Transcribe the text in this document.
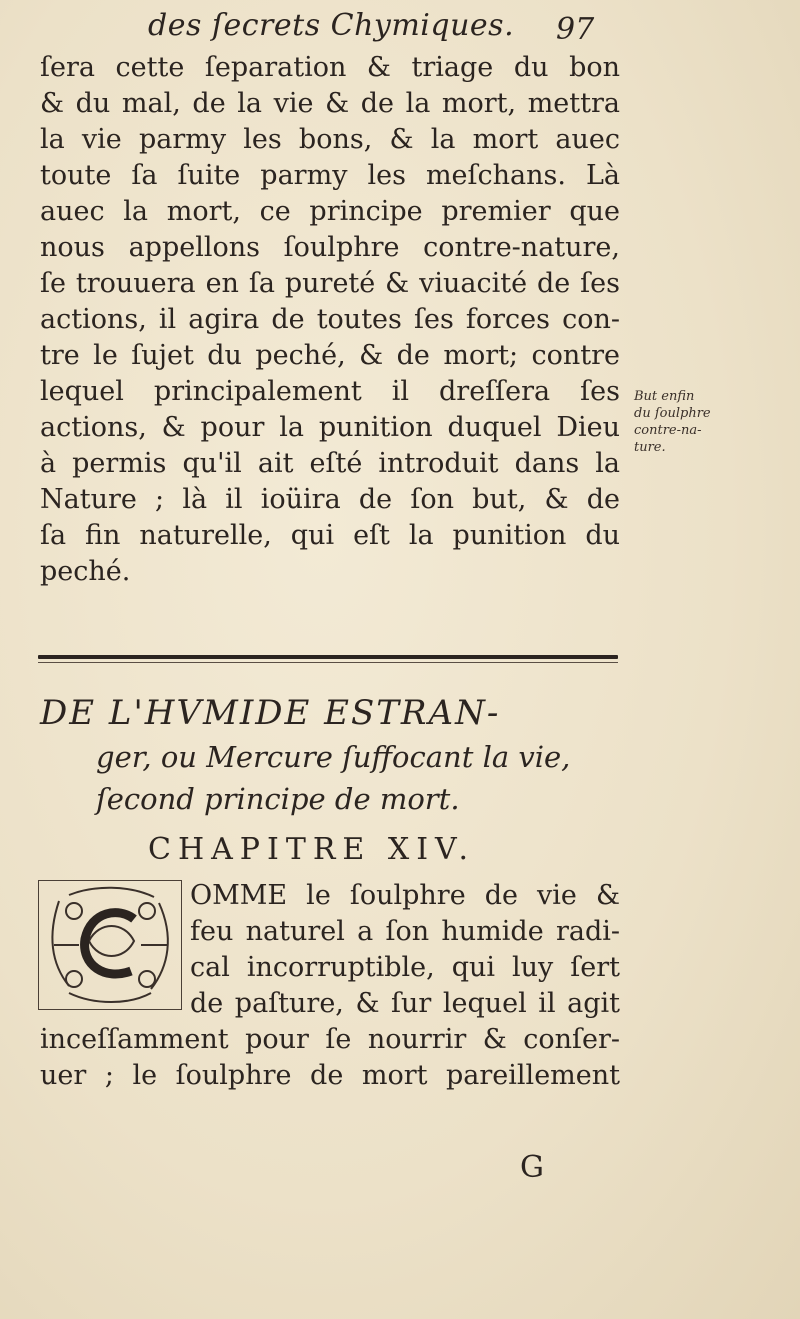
des ſecrets Chymiques. 97
ſera cette ſeparation & triage du bon
& du mal, de la vie & de la mort, mettra
la vie parmy les bons, & la mort auec
toute ſa ſuite parmy les meſchans. Là
auec la mort, ce principe premier que
nous appellons ſoulphre contre-nature,
ſe trouuera en ſa pureté & viuacité de ſes
actions, il agira de toutes ſes forces con-
tre le ſujet du peché, & de mort; contre
lequel principalement il dreſſera ſes
actions, & pour la punition duquel Dieu
à permis qu'il ait eſté introduit dans la
Nature ; là il ioüira de ſon but, & de
ſa fin naturelle, qui eſt la punition du
peché.
But enfin
du ſoulphre
contre-na-
ture.
DE L'HVMIDE ESTRAN-
ger, ou Mercure ſuffocant la vie,
ſecond principe de mort.
CHAPITRE XIV.
OMME le ſoulphre de vie &
feu naturel a ſon humide radi-
cal incorruptible, qui luy ſert
de paſture, & ſur lequel il agit
inceſſamment pour ſe nourrir & conſer-
uer ; le ſoulphre de mort pareillement
G
